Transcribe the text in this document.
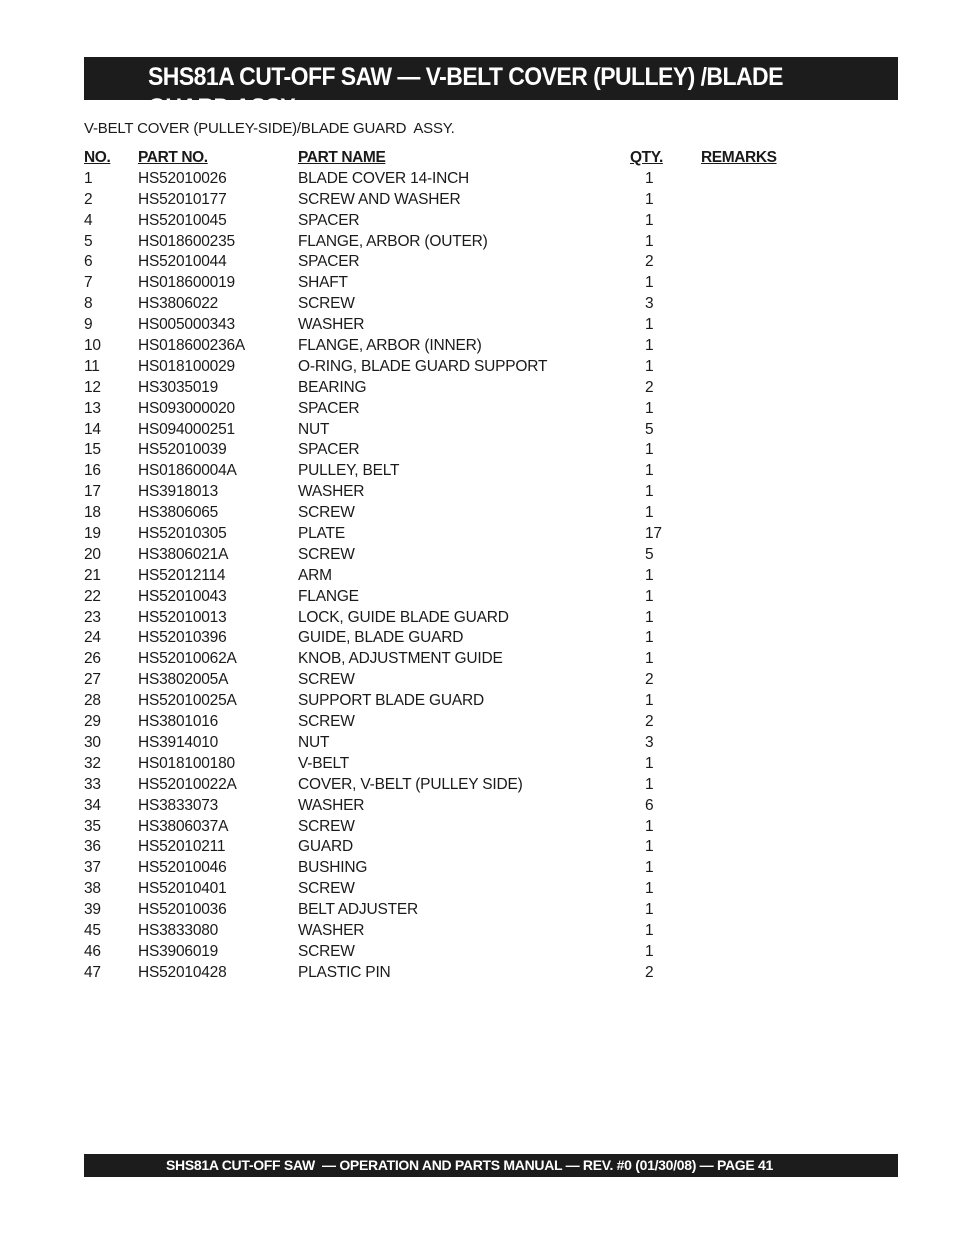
SHS81A CUT-OFF SAW — V-BELT COVER (PULLEY) /BLADE GUARD ASSY.
V-BELT COVER (PULLEY-SIDE)/BLADE GUARD  ASSY.
NO. PART NO.	PART NAME	QTY. REMARKS
1	HS52010026	BLADE COVER 14-INCH	1
2	HS52010177	SCREW AND WASHER	1
4	HS52010045	SPACER	1
5	HS018600235	FLANGE, ARBOR (OUTER)	1
6	HS52010044	SPACER	2
7	HS018600019	SHAFT	1
8	HS3806022	SCREW	3
9	HS005000343	WASHER	1
10 HS018600236A	FLANGE, ARBOR (INNER)	1
11 HS018100029	O-RING, BLADE GUARD SUPPORT	1
12 HS3035019	BEARING	2
13 HS093000020	SPACER	1
14 HS094000251	NUT	5
15 HS52010039	SPACER	1
16 HS01860004A	PULLEY, BELT	1
17 HS3918013	WASHER	1
18 HS3806065	SCREW	1
19 HS52010305	PLATE	17
20 HS3806021A	SCREW	5
21 HS52012114	ARM	1
22 HS52010043	FLANGE	1
23 HS52010013	LOCK, GUIDE BLADE GUARD	1
24 HS52010396	GUIDE, BLADE GUARD	1
26 HS52010062A	KNOB, ADJUSTMENT GUIDE	1
27 HS3802005A	SCREW	2
28 HS52010025A	SUPPORT BLADE GUARD	1
29 HS3801016	SCREW	2
30 HS3914010	NUT	3
32 HS018100180	V-BELT	1
33 HS52010022A	COVER, V-BELT (PULLEY SIDE)	1
34 HS3833073	WASHER	6
35 HS3806037A	SCREW	1
36 HS52010211	GUARD	1
37 HS52010046	BUSHING	1
38 HS52010401	SCREW	1
39 HS52010036	BELT ADJUSTER	1
45 HS3833080	WASHER	1
46 HS3906019	SCREW	1
47 HS52010428	PLASTIC PIN	2
SHS81A CUT-OFF SAW  — OPERATION AND PARTS MANUAL — REV. #0 (01/30/08) — PAGE 41
